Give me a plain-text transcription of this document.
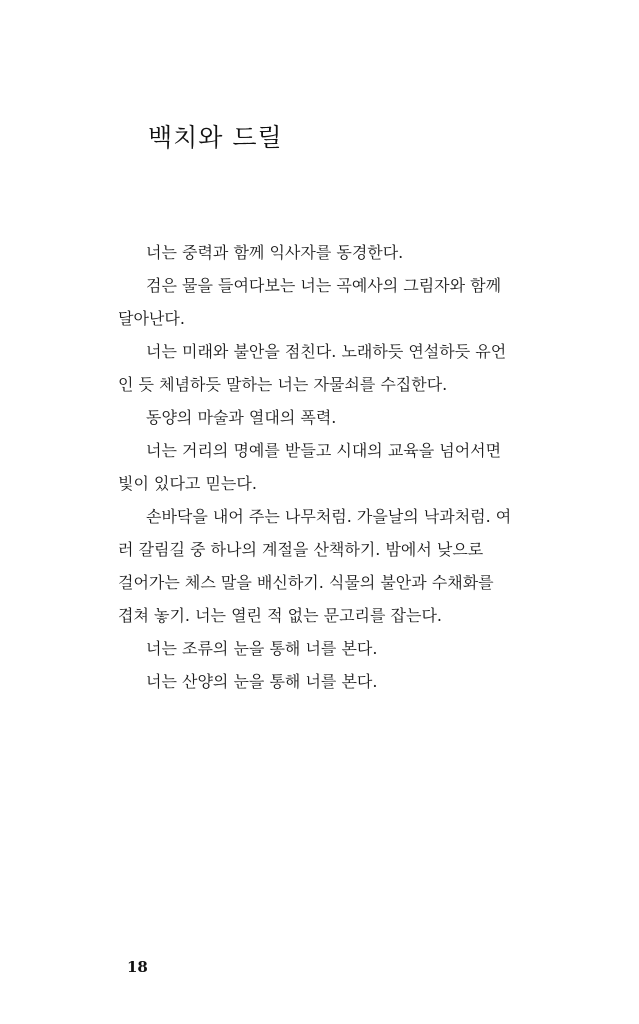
백치와 드릴

너는 중력과 함께 익사자를 동경한다.

검은 물을 들여다보는 너는 곡예사의 그림자와 함께

달아난다.

너는 미래와 불안을 점친다. 노래하듯 연설하듯 유언

인 듯 체념하듯 말하는 너는 자물쇠를 수집한다.

동양의 마술과 열대의 폭력.

너는 거리의 명예를 받들고 시대의 교육을 넘어서면

빛이 있다고 믿는다.

손바닥을 내어 주는 나무처럼. 가을날의 낙과처럼. 여

러 갈림길 중 하나의 계절을 산책하기. 밤에서 낮으로

걸어가는 체스 말을 배신하기. 식물의 불안과 수채화를

겹쳐 놓기. 너는 열린 적 없는 문고리를 잡는다.

너는 조류의 눈을 통해 너를 본다.

너는 산양의 눈을 통해 너를 본다.

18
